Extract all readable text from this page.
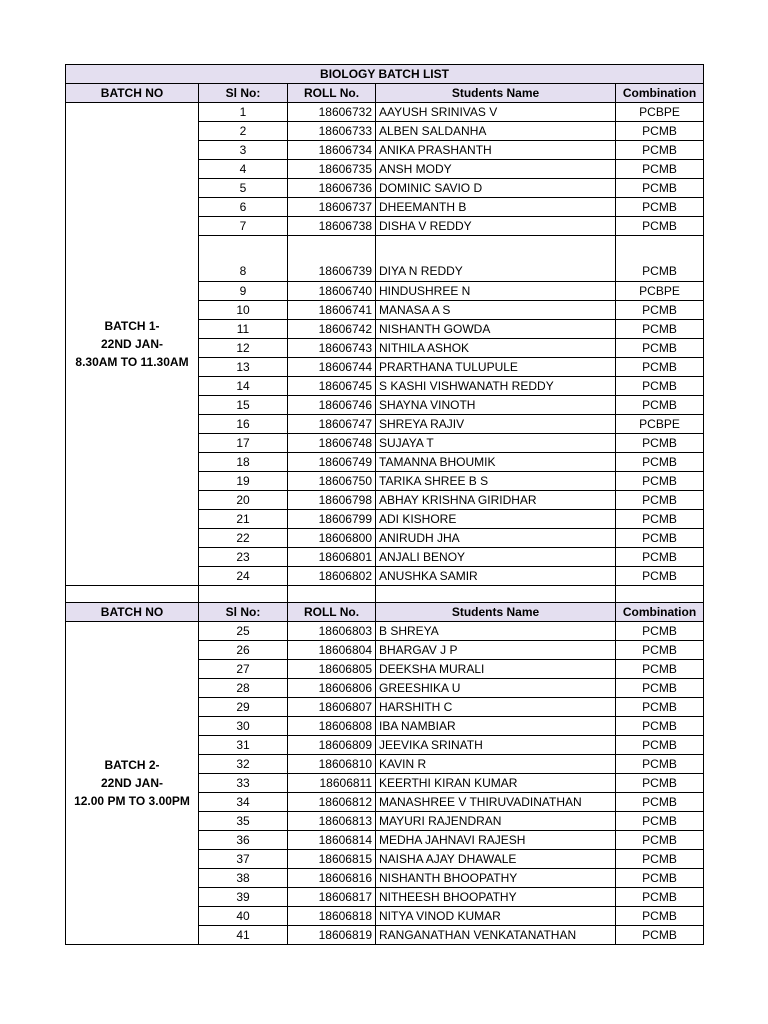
BIOLOGY BATCH LIST				
BATCH NO	Sl No:	ROLL No.	Students Name	Combination

BATCH 1-
22ND JAN-
8.30AM TO 11.30AM	1	18606732	AAYUSH SRINIVAS V	PCBPE
	2	18606733	ALBEN SALDANHA	PCMB
	3	18606734	ANIKA PRASHANTH	PCMB
	4	18606735	ANSH MODY	PCMB
	5	18606736	DOMINIC SAVIO D	PCMB
	6	18606737	DHEEMANTH B	PCMB
	7	18606738	DISHA V REDDY	PCMB
	8	18606739	DIYA N REDDY	PCMB
	9	18606740	HINDUSHREE N	PCBPE
	10	18606741	MANASA A S	PCMB
	11	18606742	NISHANTH GOWDA	PCMB
	12	18606743	NITHILA ASHOK	PCMB
	13	18606744	PRARTHANA TULUPULE	PCMB
	14	18606745	S KASHI VISHWANATH REDDY	PCMB
	15	18606746	SHAYNA VINOTH	PCMB
	16	18606747	SHREYA RAJIV	PCBPE
	17	18606748	SUJAYA T	PCMB
	18	18606749	TAMANNA BHOUMIK	PCMB
	19	18606750	TARIKA SHREE B S	PCMB
	20	18606798	ABHAY KRISHNA GIRIDHAR	PCMB
	21	18606799	ADI KISHORE	PCMB
	22	18606800	ANIRUDH JHA	PCMB
	23	18606801	ANJALI BENOY	PCMB
	24	18606802	ANUSHKA SAMIR	PCMB

BATCH NO	Sl No:	ROLL No.	Students Name	Combination

BATCH 2-
22ND JAN-
12.00 PM TO 3.00PM	25	18606803	B SHREYA	PCMB
	26	18606804	BHARGAV J P	PCMB
	27	18606805	DEEKSHA MURALI	PCMB
	28	18606806	GREESHIKA U	PCMB
	29	18606807	HARSHITH C	PCMB
	30	18606808	IBA NAMBIAR	PCMB
	31	18606809	JEEVIKA SRINATH	PCMB
	32	18606810	KAVIN R	PCMB
	33	18606811	KEERTHI KIRAN KUMAR	PCMB
	34	18606812	MANASHREE V THIRUVADINATHAN	PCMB
	35	18606813	MAYURI RAJENDRAN	PCMB
	36	18606814	MEDHA JAHNAVI RAJESH	PCMB
	37	18606815	NAISHA AJAY DHAWALE	PCMB
	38	18606816	NISHANTH BHOOPATHY	PCMB
	39	18606817	NITHEESH BHOOPATHY	PCMB
	40	18606818	NITYA VINOD KUMAR	PCMB
	41	18606819	RANGANATHAN VENKATANATHAN	PCMB
